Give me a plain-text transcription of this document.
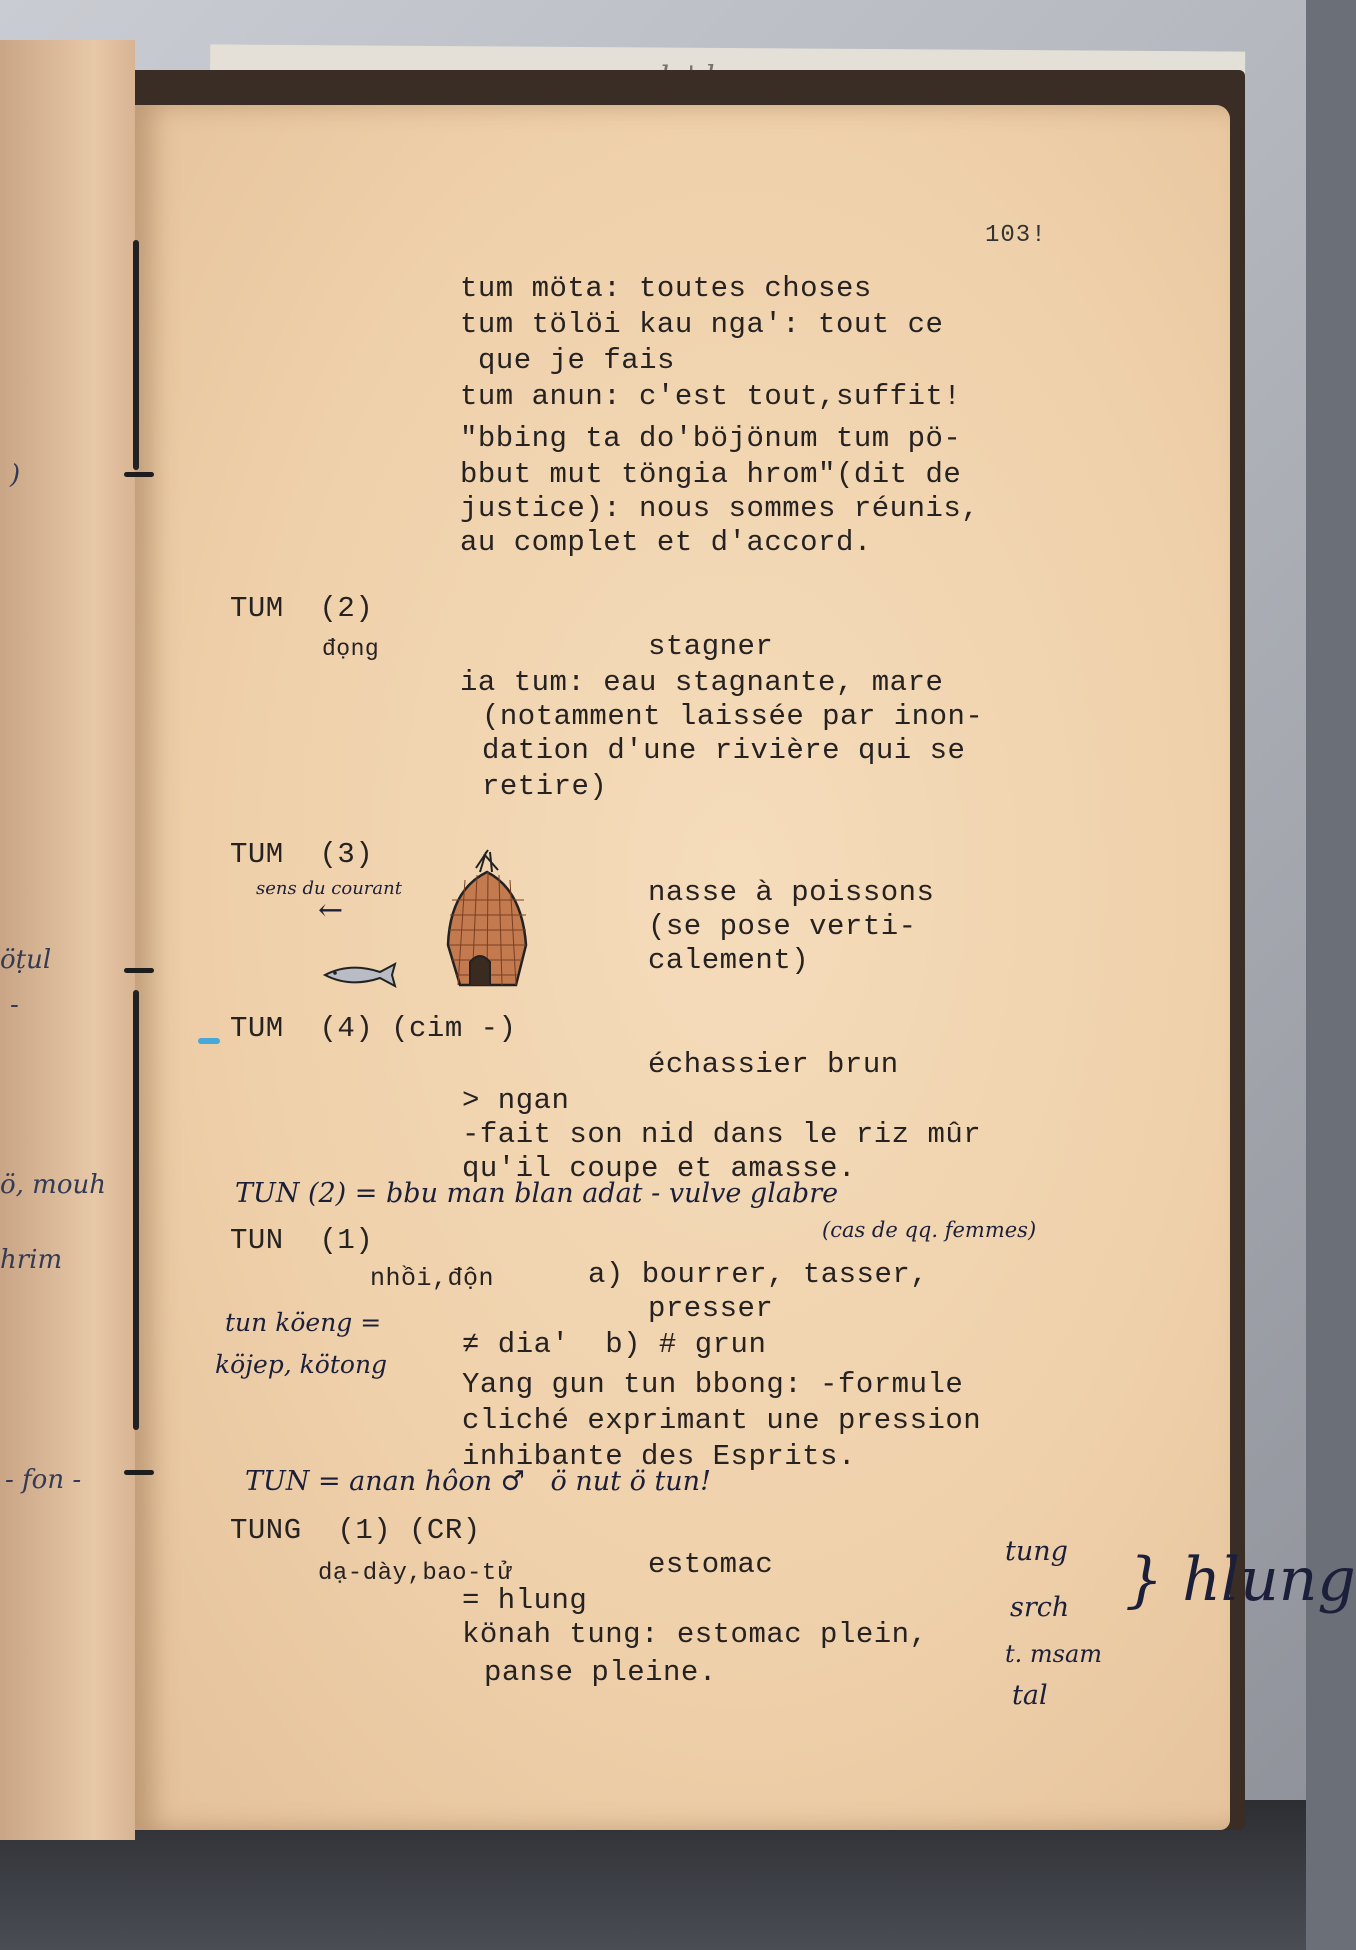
)
öṭul
-
ö, mouh
hrim
- fon -
103!
tum möta: toutes choses
tum tölöi kau nga': tout ce
que je fais
tum anun: c'est tout,suffit!
"bbing ta do'böjönum tum pö-
bbut mut töngia hrom"(dit de
justice): nous sommes réunis,
au complet et d'accord.
TUM  (2)
đọng	stagner
ia tum: eau stagnante, mare
(notamment laissée par inon-
dation d'une rivière qui se
retire)
TUM  (3)
sens du courant
←
nasse à poissons
(se pose verti-
calement)
TUM  (4) (cim -)
échassier brun
> ngan
-fait son nid dans le riz mûr
qu'il coupe et amasse.
TUN (2) = bbu man blan adat - vulve glabre
(cas de qq. femmes)
TUN  (1)
nhồi,độn	a) bourrer, tasser,
presser
≠ dia'  b) # grun
tun köeng =
köjep, kötong
Yang gun tun bbong: -formule
cliché exprimant une pression
inhibante des Esprits.
TUN = anan hôon ♂   ö nut ö tun!
TUNG  (1) (CR)
dạ-dày,bao-tử	estomac
= hlung
könah tung: estomac plein,
panse pleine.
tung
srch
t. msam
tal
} hlung
